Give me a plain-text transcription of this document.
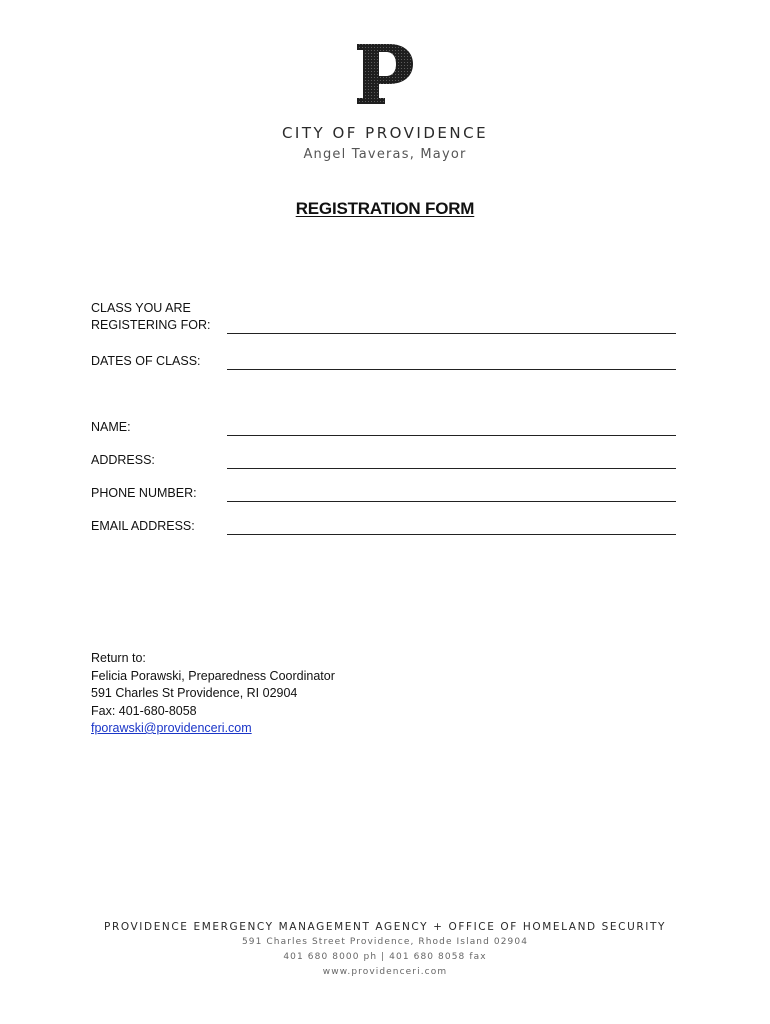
CITY OF PROVIDENCE
Angel Taveras, Mayor
REGISTRATION FORM
CLASS YOU ARE
REGISTERING FOR:
DATES OF CLASS:
NAME:
ADDRESS:
PHONE NUMBER:
EMAIL ADDRESS:
Return to:
Felicia Porawski, Preparedness Coordinator
591 Charles St Providence, RI 02904
Fax: 401-680-8058
fporawski@providenceri.com
PROVIDENCE EMERGENCY MANAGEMENT AGENCY + OFFICE OF HOMELAND SECURITY
591 Charles Street Providence, Rhode Island 02904
401 680 8000 ph | 401 680 8058 fax
www.providenceri.com
